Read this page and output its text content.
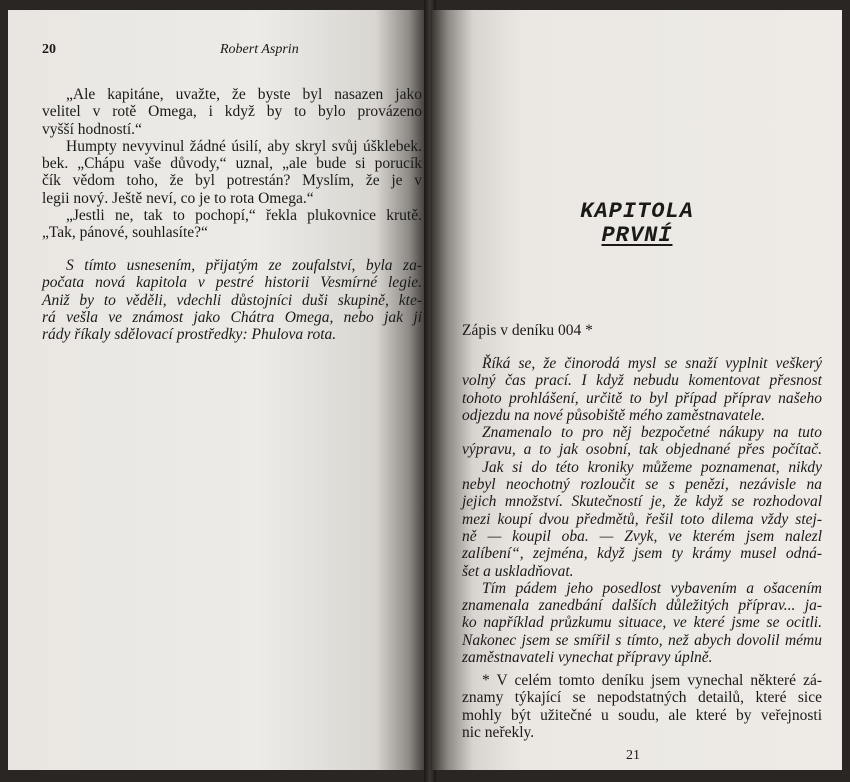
20	Robert Asprin
„Ale kapitáne, uvažte, že byste byl nasazen jako
velitel v rotě Omega, i když by to bylo provázeno
vyšší hodností.“
Humpty nevyvinul žádné úsilí, aby skryl svůj úšklebek.
bek. „Chápu vaše důvody,“ uznal, „ale bude si porucík
čík vědom toho, že byl potrestán? Myslím, že je v
legii nový. Ještě neví, co je to rota Omega.“
„Jestli ne, tak to pochopí,“ řekla plukovnice krutě.
„Tak, pánové, souhlasíte?“
S tímto usnesením, přijatým ze zoufalství, byla za-
počata nová kapitola v pestré historii Vesmírné legie.
Aniž by to věděli, vdechli důstojníci duši skupině, kte-
rá vešla ve známost jako Chátra Omega, nebo jak ji
rády říkaly sdělovací prostředky: Phulova rota.
KAPITOLA
PRVNÍ
Zápis v deníku 004 *
Říká se, že činorodá mysl se snaží vyplnit veškerý
volný čas prací. I když nebudu komentovat přesnost
tohoto prohlášení, určitě to byl případ příprav našeho
odjezdu na nové působiště mého zaměstnavatele.
Znamenalo to pro něj bezpočetné nákupy na tuto
výpravu, a to jak osobní, tak objednané přes počítač.
Jak si do této kroniky můžeme poznamenat, nikdy
nebyl neochotný rozloučit se s penězi, nezávisle na
jejich množství. Skutečností je, že když se rozhodoval
mezi koupí dvou předmětů, řešil toto dilema vždy stej-
ně — koupil oba. — Zvyk, ve kterém jsem nalezl
zalíbení“, zejména, když jsem ty krámy musel odná-
šet a uskladňovat.
Tím pádem jeho posedlost vybavením a ošacením
znamenala zanedbání dalších důležitých příprav... ja-
ko například průzkumu situace, ve které jsme se ocitli.
Nakonec jsem se smířil s tímto, než abych dovolil mému
zaměstnavateli vynechat přípravy úplně.
* V celém tomto deníku jsem vynechal některé zá-
znamy týkající se nepodstatných detailů, které sice
mohly být užitečné u soudu, ale které by veřejnosti
nic neřekly.
21
